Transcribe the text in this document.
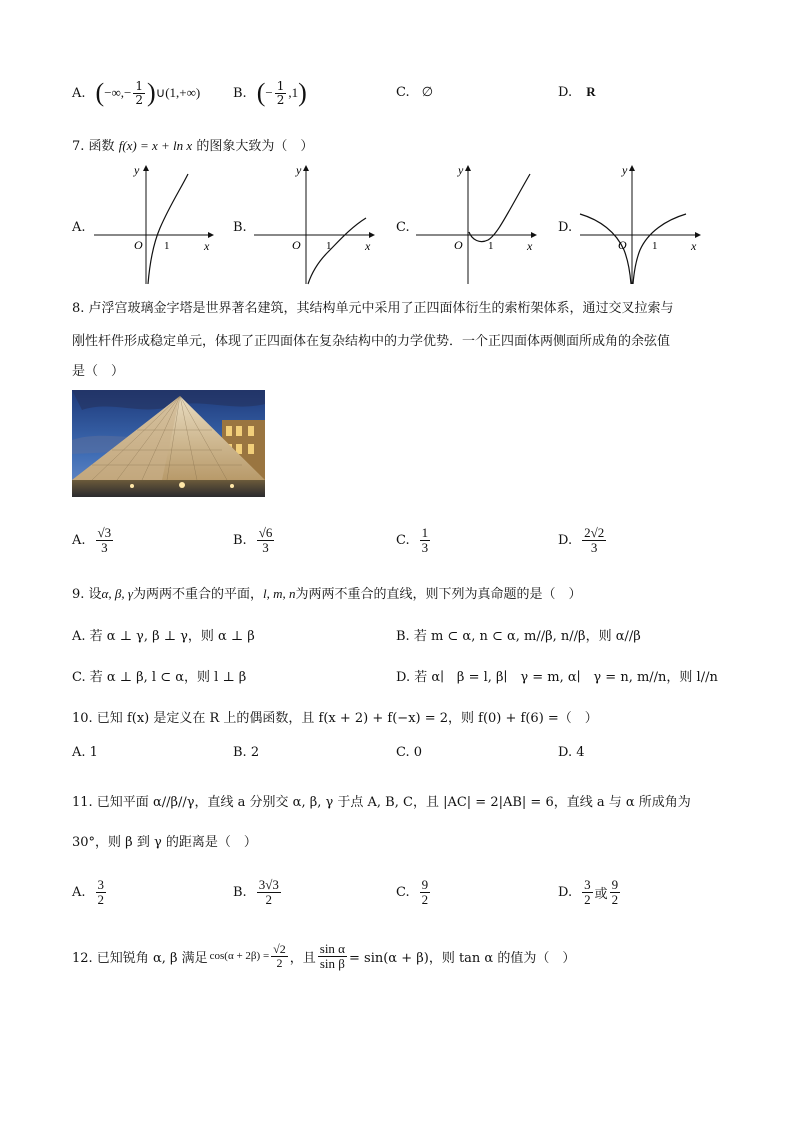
A. ( −∞,− $\frac{1}{2}$ ) ∪(1,+∞)	B. ( − $\frac{1}{2} ,1$ )	C. ∅	D. R
7. 函数 f(x) = x + ln x 的图象大致为（　）
A.	B.	C.	D.
y
x
O 1
y
x
O 1
y
x
O 1
y
x
O 1
8. 卢浮宫玻璃金字塔是世界著名建筑，其结构单元中采用了正四面体衍生的索桁架体系，通过交叉拉索与
刚性杆件形成稳定单元，体现了正四面体在复杂结构中的力学优势．一个正四面体两侧面所成角的余弦值
是（　）
A. $\frac{√3}{3}$	B. $\frac{√6}{3}$	C. $\frac{1}{3}$	D. $\frac{2√2}{3}$
9. 设α, β, γ为两两不重合的平面，l, m, n为两两不重合的直线，则下列为真命题的是（　）
A. 若 α ⊥ γ, β ⊥ γ，则 α ⊥ β	B. 若 m ⊂ α, n ⊂ α, m//β, n//β，则 α//β
C. 若 α ⊥ β, l ⊂ α，则 l ⊥ β	D. 若 α∣　β = l, β∣　γ = m, α∣　γ = n, m//n，则 l//n
10. 已知 f(x) 是定义在 R 上的偶函数，且 f(x + 2) + f(−x) = 2，则 f(0) + f(6) =（　）
A. 1	B. 2	C. 0	D. 4
11. 已知平面 α//β//γ，直线 a 分别交 α, β, γ 于点 A, B, C，且 |AC| = 2|AB| = 6，直线 a 与 α 所成角为
30°，则 β 到 γ 的距离是（　）
A. $\frac{3}{2}$	B. $\frac{3√3}{2}$	C. $\frac{9}{2}$	D. $\frac{3}{2}$ 或 $\frac{9}{2}$
12. 已知锐角 α, β 满足 $\cos(\alpha + 2\beta) = \frac{√2}{2}$ ，且 $\frac{\text{sin α}}{\text{sin β}} = \sin(\alpha + \beta)$，则 tan α 的值为（　）
